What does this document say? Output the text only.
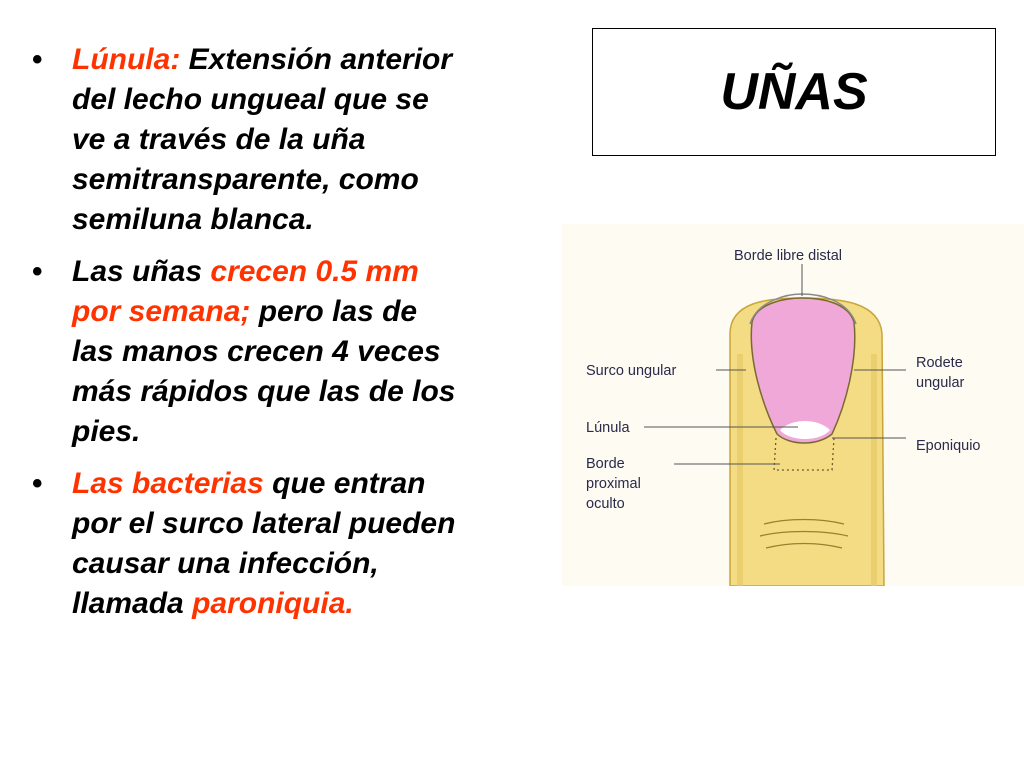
• Lúnula: Extensión anterior
del lecho ungueal que se
ve a través de la uña
semitransparente, como
semiluna blanca.
• Las uñas crecen 0.5 mm
por semana; pero las de
las manos crecen 4 veces
más rápidos que las de los
pies.
• Las bacterias que entran
por el surco lateral pueden
causar una infección,
llamada paroniquia.
UÑAS
Borde libre distal
Surco ungular	Rodete
ungular
Lúnula
Eponiquio
Borde
proximal
oculto
